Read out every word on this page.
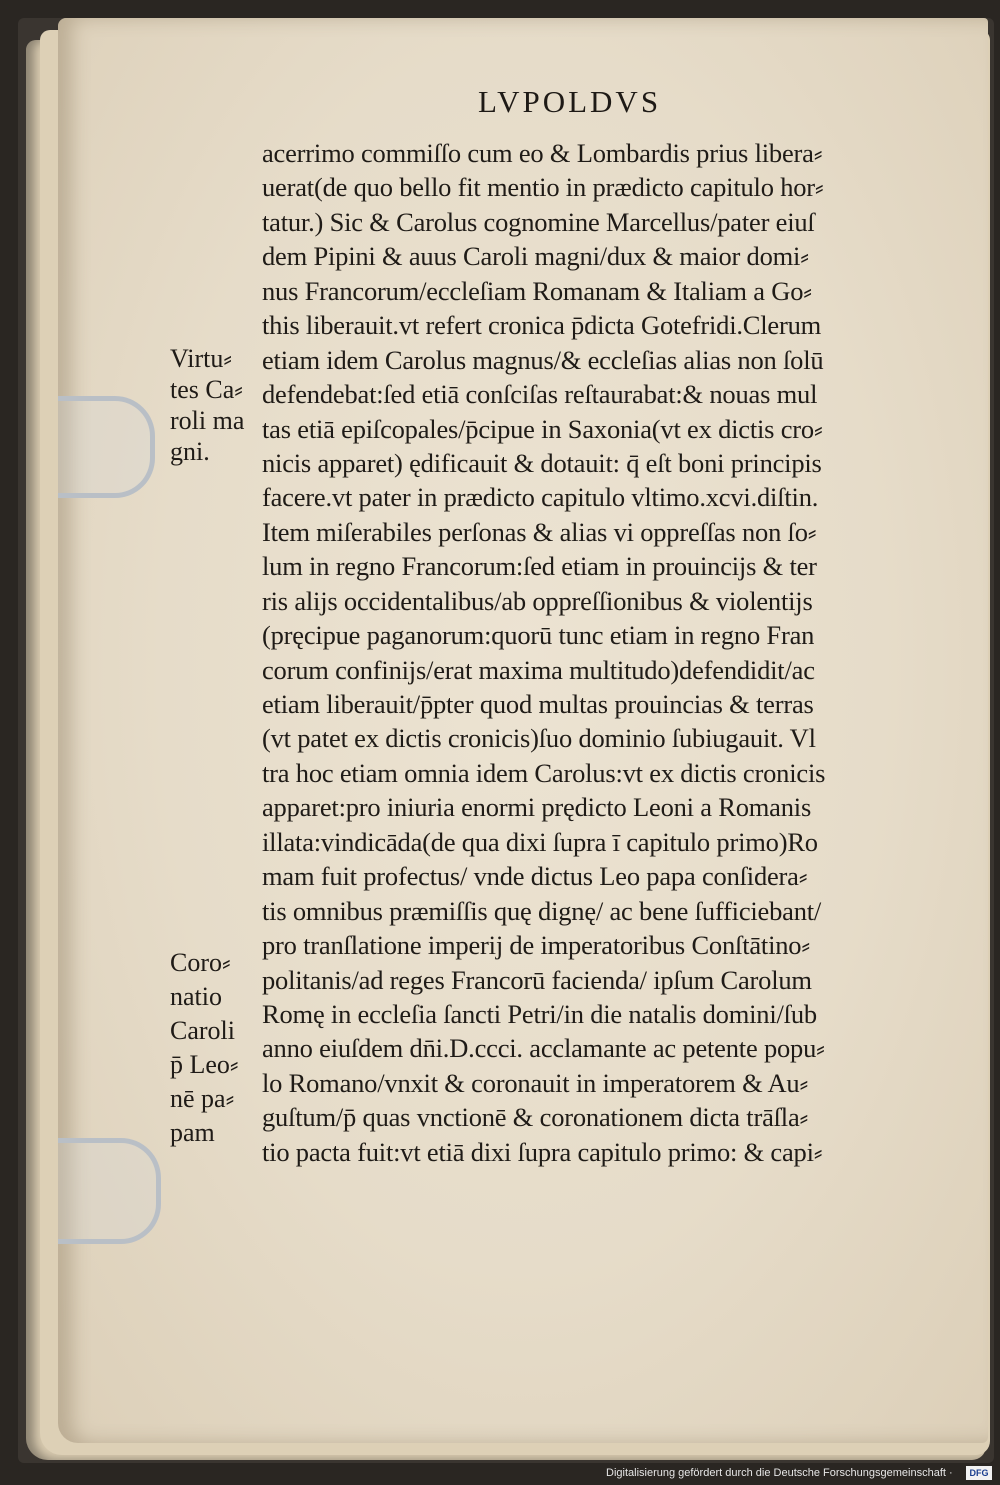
LVPOLDVS
acerrimo commiſſo cum eo & Lombardis prius libera⸗
uerat(de quo bello fit mentio in prædicto capitulo hor⸗
tatur.) Sic & Carolus cognomine Marcellus/pater eiuſ
dem Pipini & auus Caroli magni/dux & maior domi⸗
nus Francorum/eccleſiam Romanam & Italiam a Go⸗
this liberauit.vt refert cronica p̄dicta Gotefridi.Clerum
etiam idem Carolus magnus/& eccleſias alias non ſolū
defendebat:ſed etiā conſciſas reſtaurabat:& nouas mul
tas etiā epiſcopales/p̄cipue in Saxonia(vt ex dictis cro⸗
nicis apparet) ędificauit & dotauit: q̄ eſt boni principis
facere.vt pater in prædicto capitulo vltimo.xcvi.diſtin.
Item miſerabiles perſonas & alias vi oppreſſas non ſo⸗
lum in regno Francorum:ſed etiam in prouincijs & ter
ris alijs occidentalibus/ab oppreſſionibus & violentijs
(pręcipue paganorum:quorū tunc etiam in regno Fran
corum confinijs/erat maxima multitudo)defendidit/ac
etiam liberauit/p̄pter quod multas prouincias & terras
(vt patet ex dictis cronicis)ſuo dominio ſubiugauit. Vl
tra hoc etiam omnia idem Carolus:vt ex dictis cronicis
apparet:pro iniuria enormi prędicto Leoni a Romanis
illata:vindicāda(de qua dixi ſupra ī capitulo primo)Ro
mam fuit profectus/ vnde dictus Leo papa conſidera⸗
tis omnibus præmiſſis quę dignę/ ac bene ſufficiebant/
pro tranſlatione imperij de imperatoribus Conſtātino⸗
politanis/ad reges Francorū facienda/ ipſum Carolum
Romę in eccleſia ſancti Petri/in die natalis domini/ſub
anno eiuſdem dn̄i.D.ccci. acclamante ac petente popu⸗
lo Romano/vnxit & coronauit in imperatorem & Au⸗
guſtum/p̄ quas vnctionē & coronationem dicta trāſla⸗
tio pacta fuit:vt etiā dixi ſupra capitulo primo: & capi⸗
Virtu⸗
tes Ca⸗
roli ma
gni.
Coro⸗
natio
Caroli
p̄ Leo⸗
nē pa⸗
pam
Digitalisierung gefördert durch die Deutsche Forschungsgemeinschaft ·	DFG
